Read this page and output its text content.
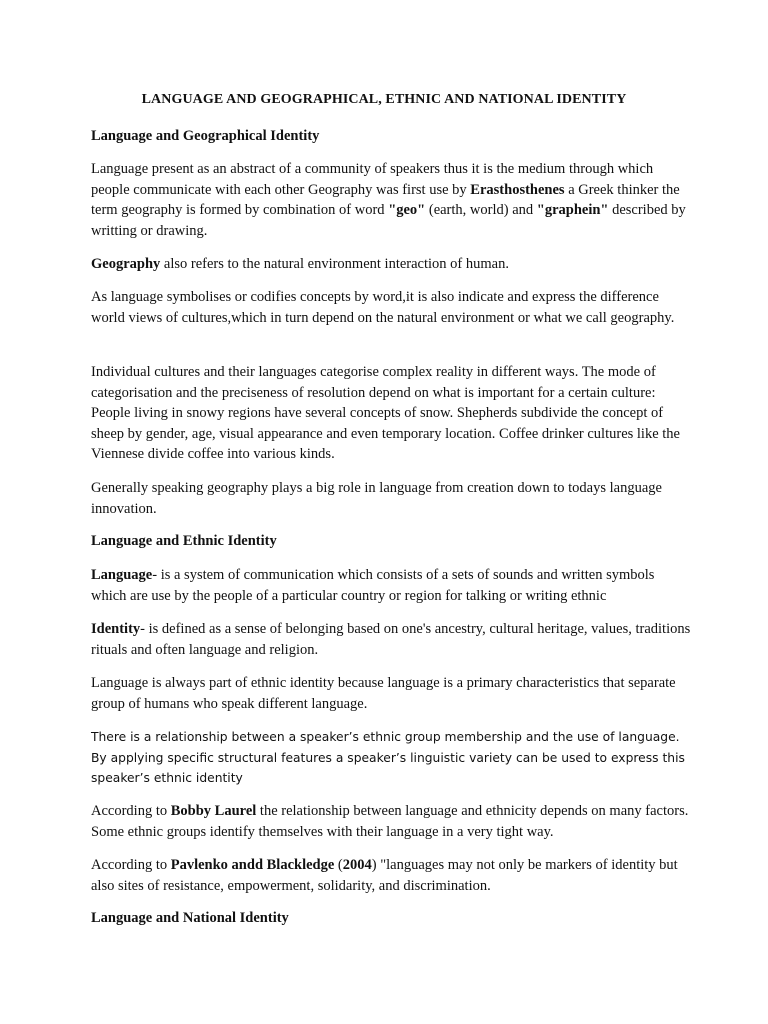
LANGUAGE AND GEOGRAPHICAL, ETHNIC AND NATIONAL IDENTITY

Language and Geographical Identity

Language present as an abstract of a community of speakers thus it is the medium through which people communicate with each other Geography was first use by Erasthosthenes a Greek thinker the term geography is formed by combination of word "geo" (earth, world) and "graphein" described by writting or drawing.

Geography also refers to the natural environment interaction of human.

As language symbolises or codifies concepts by word,it is also indicate and express the difference world views of cultures,which in turn depend on the natural environment or what we call geography.

Individual cultures and their languages categorise complex reality in different ways. The mode of categorisation and the preciseness of resolution depend on what is important for a certain culture: People living in snowy regions have several concepts of snow. Shepherds subdivide the concept of sheep by gender, age, visual appearance and even temporary location. Coffee drinker cultures like the Viennese divide coffee into various kinds.

Generally speaking geography plays a big role in language from creation down to todays language innovation.

Language and Ethnic Identity

Language- is a system of communication which consists of a sets of sounds and written symbols which are use by the people of a particular country or region for talking or writing ethnic

Identity- is defined as a sense of belonging based on one's ancestry, cultural heritage, values, traditions rituals and often language and religion.

Language is always part of ethnic identity because language is a primary characteristics that separate group of humans who speak different language.

There is a relationship between a speaker’s ethnic group membership and the use of language. By applying specific structural features a speaker’s linguistic variety can be used to express this speaker’s ethnic identity

According to Bobby Laurel the relationship between language and ethnicity depends on many factors. Some ethnic groups identify themselves with their language in a very tight way.

According to Pavlenko andd Blackledge (2004) "languages may not only be markers of identity but also sites of resistance, empowerment, solidarity, and discrimination.

Language and National Identity
